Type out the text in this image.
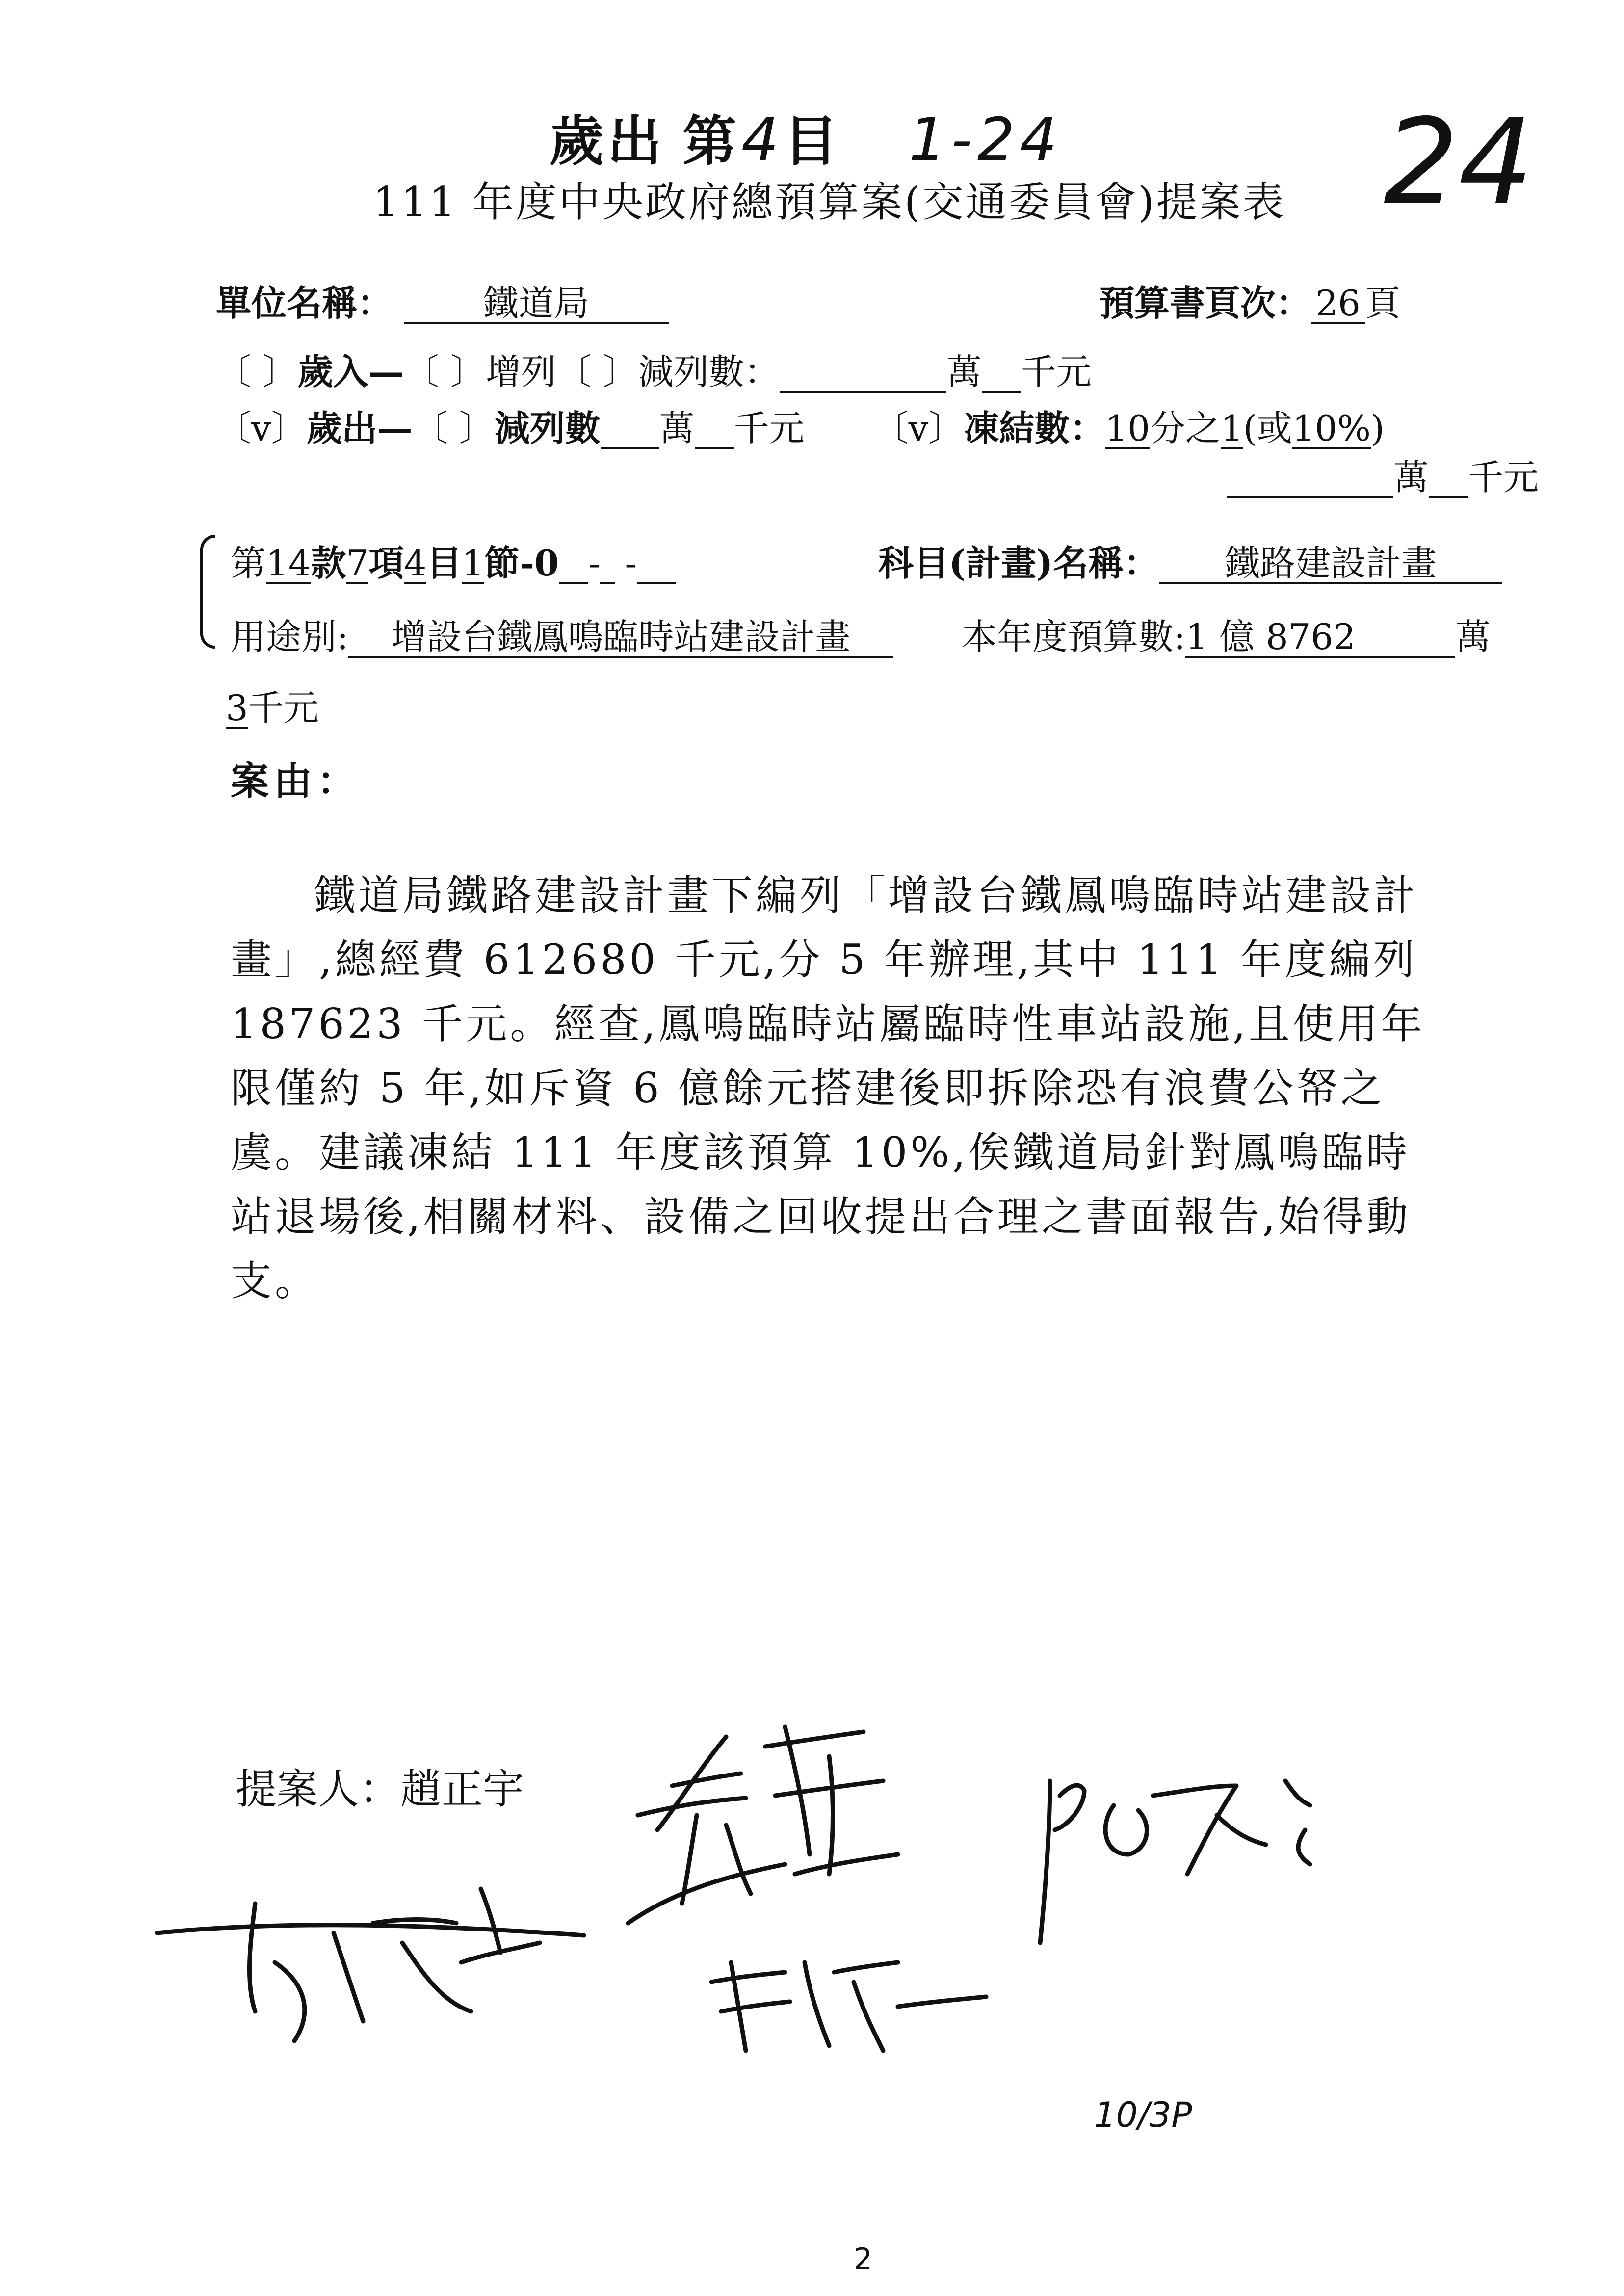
歲出 第4目 1-24	24
111 年度中央政府總預算案(交通委員會)提案表
單位名稱：	鐵道局	預算書頁次： 26 頁
〔 〕歲入—〔 〕增列〔 〕減列數：	萬 千元
〔v〕歲出—〔 〕減列數 萬 千元 〔v〕凍結數：10分之1(或10%)
萬 千元
第14款7項4目1節-0 - -	科目(計畫)名稱： 鐵路建設計畫
用途別: 增設台鐵鳳鳴臨時站建設計畫	本年度預算數:1 億 8762	萬
3千元
案由：
鐵道局鐵路建設計畫下編列「增設台鐵鳳鳴臨時站建設計畫」,總經費 612680 千元,分 5 年辦理,其中 111 年度編列 187623 千元。經查,鳳鳴臨時站屬臨時性車站設施,且使用年限僅約 5 年,如斥資 6 億餘元搭建後即拆除恐有浪費公帑之虞。建議凍結 111 年度該預算 10%,俟鐵道局針對鳳鳴臨時站退場後,相關材料、設備之回收提出合理之書面報告,始得動支。
提案人：趙正宇
10/3P
2
